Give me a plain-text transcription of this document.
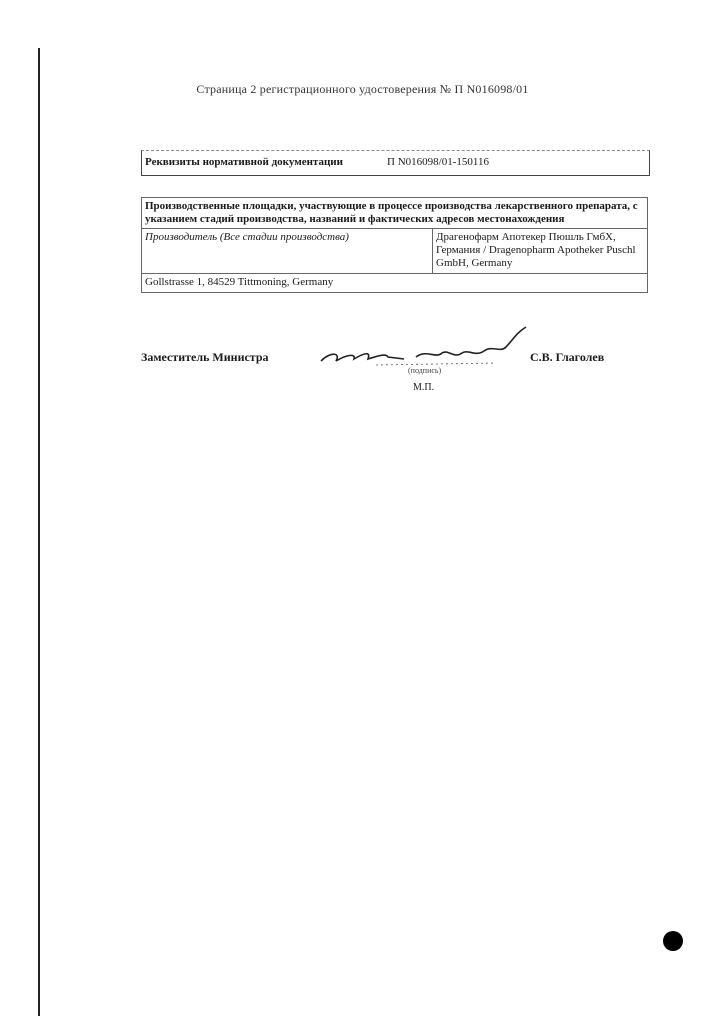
Страница 2 регистрационного удостоверения № П N016098/01
Реквизиты нормативной документации	П N016098/01-150116
Производственные площадки, участвующие в процессе производства лекарственного препарата, с указанием стадий производства, названий и фактических адресов местонахождения
Производитель (Все стадии производства)	Драгенофарм Апотекер Пюшль ГмбХ, Германия / Dragenopharm Apotheker Puschl GmbH, Germany
Gollstrasse 1, 84529 Tittmoning, Germany
Заместитель Министра
(подпись)
С.В. Глаголев
М.П.
